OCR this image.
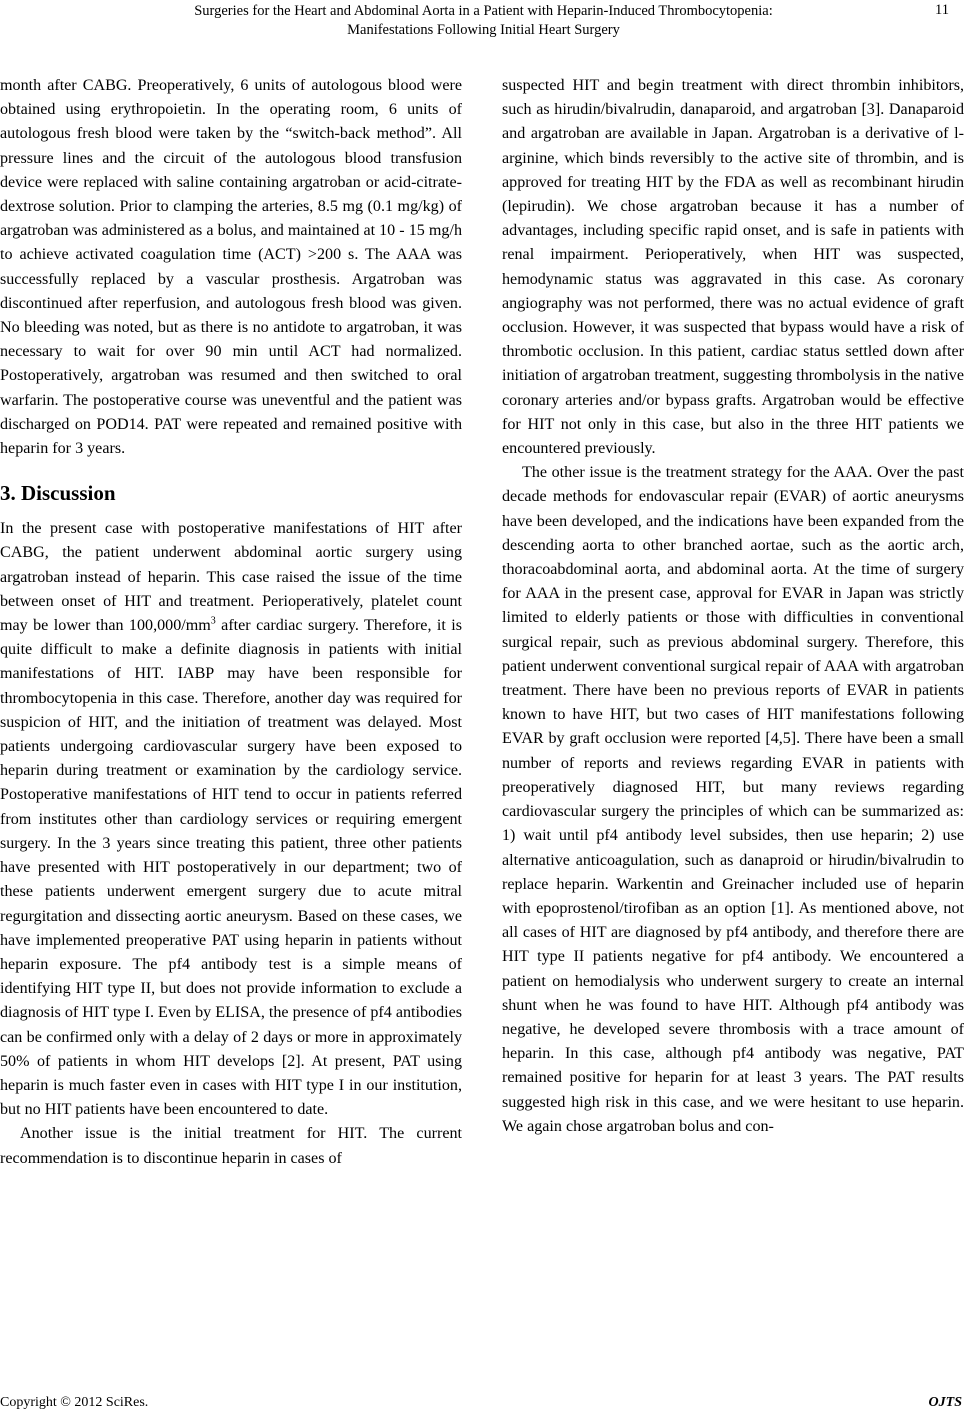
Surgeries for the Heart and Abdominal Aorta in a Patient with Heparin-Induced Thrombocytopenia:
Manifestations Following Initial Heart Surgery
11

month after CABG. Preoperatively, 6 units of autologous blood were obtained using erythropoietin. In the operating room, 6 units of autologous fresh blood were taken by the “switch-back method”. All pressure lines and the circuit of the autologous blood transfusion device were replaced with saline containing argatroban or acid-citrate-dextrose solution. Prior to clamping the arteries, 8.5 mg (0.1 mg/kg) of argatroban was administered as a bolus, and maintained at 10 - 15 mg/h to achieve activated coagulation time (ACT) >200 s. The AAA was successfully replaced by a vascular prosthesis. Argatroban was discontinued after reperfusion, and autologous fresh blood was given. No bleeding was noted, but as there is no antidote to argatroban, it was necessary to wait for over 90 min until ACT had normalized. Postoperatively, argatroban was resumed and then switched to oral warfarin. The postoperative course was uneventful and the patient was discharged on POD14. PAT were repeated and remained positive with heparin for 3 years.

3. Discussion

In the present case with postoperative manifestations of HIT after CABG, the patient underwent abdominal aortic surgery using argatroban instead of heparin. This case raised the issue of the time between onset of HIT and treatment. Perioperatively, platelet count may be lower than $100,000/mm^3$ after cardiac surgery. Therefore, it is quite difficult to make a definite diagnosis in patients with initial manifestations of HIT. IABP may have been responsible for thrombocytopenia in this case. Therefore, another day was required for suspicion of HIT, and the initiation of treatment was delayed. Most patients undergoing cardiovascular surgery have been exposed to heparin during treatment or examination by the cardiology service. Postoperative manifestations of HIT tend to occur in patients referred from institutes other than cardiology services or requiring emergent surgery. In the 3 years since treating this patient, three other patients have presented with HIT postoperatively in our department; two of these patients underwent emergent surgery due to acute mitral regurgitation and dissecting aortic aneurysm. Based on these cases, we have implemented preoperative PAT using heparin in patients without heparin exposure. The pf4 antibody test is a simple means of identifying HIT type II, but does not provide information to exclude a diagnosis of HIT type I. Even by ELISA, the presence of pf4 antibodies can be confirmed only with a delay of 2 days or more in approximately 50% of patients in whom HIT develops [2]. At present, PAT using heparin is much faster even in cases with HIT type I in our institution, but no HIT patients have been encountered to date.

Another issue is the initial treatment for HIT. The current recommendation is to discontinue heparin in cases of

suspected HIT and begin treatment with direct thrombin inhibitors, such as hirudin/bivalrudin, danaparoid, and argatroban [3]. Danaparoid and argatroban are available in Japan. Argatroban is a derivative of l-arginine, which binds reversibly to the active site of thrombin, and is approved for treating HIT by the FDA as well as recombinant hirudin (lepirudin). We chose argatroban because it has a number of advantages, including specific rapid onset, and is safe in patients with renal impairment. Perioperatively, when HIT was suspected, hemodynamic status was aggravated in this case. As coronary angiography was not performed, there was no actual evidence of graft occlusion. However, it was suspected that bypass would have a risk of thrombotic occlusion. In this patient, cardiac status settled down after initiation of argatroban treatment, suggesting thrombolysis in the native coronary arteries and/or bypass grafts. Argatroban would be effective for HIT not only in this case, but also in the three HIT patients we encountered previously.

The other issue is the treatment strategy for the AAA. Over the past decade methods for endovascular repair (EVAR) of aortic aneurysms have been developed, and the indications have been expanded from the descending aorta to other branched aortae, such as the aortic arch, thoracoabdominal aorta, and abdominal aorta. At the time of surgery for AAA in the present case, approval for EVAR in Japan was strictly limited to elderly patients or those with difficulties in conventional surgical repair, such as previous abdominal surgery. Therefore, this patient underwent conventional surgical repair of AAA with argatroban treatment. There have been no previous reports of EVAR in patients known to have HIT, but two cases of HIT manifestations following EVAR by graft occlusion were reported [4,5]. There have been a small number of reports and reviews regarding EVAR in patients with preoperatively diagnosed HIT, but many reviews regarding cardiovascular surgery the principles of which can be summarized as: 1) wait until pf4 antibody level subsides, then use heparin; 2) use alternative anticoagulation, such as danaproid or hirudin/bivalrudin to replace heparin. Warkentin and Greinacher included use of heparin with epoprostenol/tirofiban as an option [1]. As mentioned above, not all cases of HIT are diagnosed by pf4 antibody, and therefore there are HIT type II patients negative for pf4 antibody. We encountered a patient on hemodialysis who underwent surgery to create an internal shunt when he was found to have HIT. Although pf4 antibody was negative, he developed severe thrombosis with a trace amount of heparin. In this case, although pf4 antibody was negative, PAT remained positive for heparin for at least 3 years. The PAT results suggested high risk in this case, and we were hesitant to use heparin. We again chose argatroban bolus and con-

Copyright © 2012 SciRes.	OJTS
